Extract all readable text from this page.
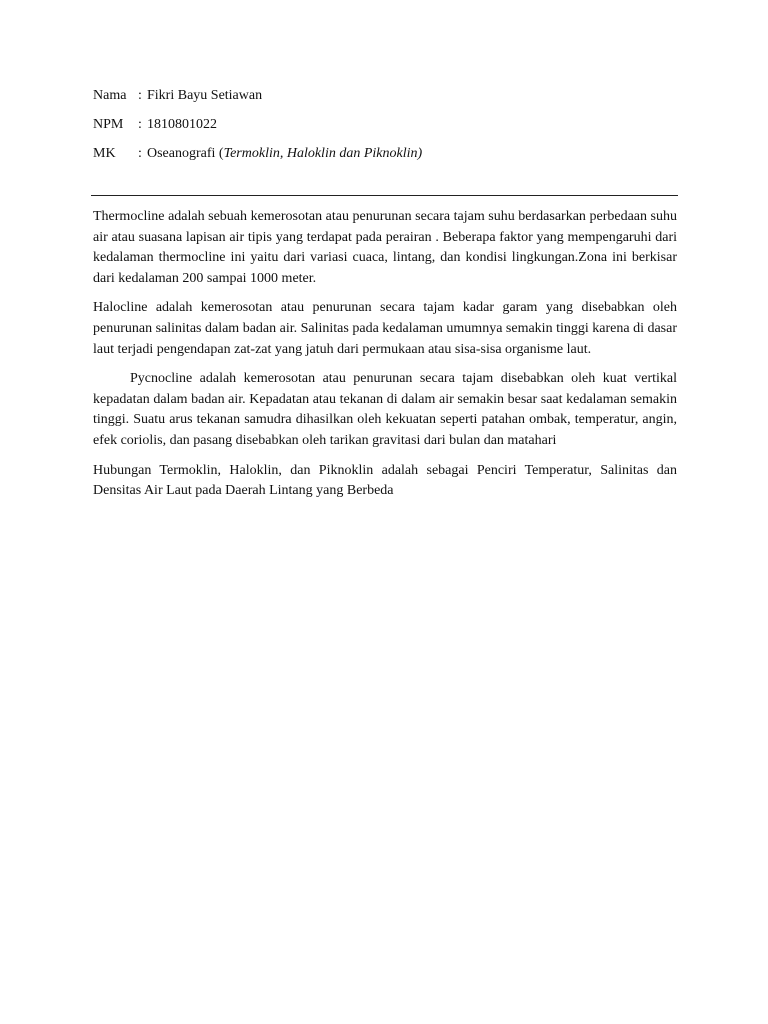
Nama : Fikri Bayu Setiawan
NPM	: 1810801022
MK	: Oseanografi (Termoklin, Haloklin dan Piknoklin)

Thermocline adalah sebuah kemerosotan atau penurunan secara tajam suhu berdasarkan perbedaan suhu air atau suasana lapisan air tipis yang terdapat pada perairan . Beberapa faktor yang mempengaruhi dari kedalaman thermocline ini yaitu dari variasi cuaca, lintang, dan kondisi lingkungan.Zona ini berkisar dari kedalaman 200 sampai 1000 meter.

Halocline adalah kemerosotan atau penurunan secara tajam kadar garam yang disebabkan oleh penurunan salinitas dalam badan air. Salinitas pada kedalaman umumnya semakin tinggi karena di dasar laut terjadi pengendapan zat-zat yang jatuh dari permukaan atau sisa-sisa organisme laut.

Pycnocline adalah kemerosotan atau penurunan secara tajam disebabkan oleh kuat vertikal kepadatan dalam badan air. Kepadatan atau tekanan di dalam air semakin besar saat kedalaman semakin tinggi. Suatu arus tekanan samudra dihasilkan oleh kekuatan seperti patahan ombak, temperatur, angin, efek coriolis, dan pasang disebabkan oleh tarikan gravitasi dari bulan dan matahari

Hubungan Termoklin, Haloklin, dan Piknoklin adalah sebagai Penciri Temperatur, Salinitas dan Densitas Air Laut pada Daerah Lintang yang Berbeda
